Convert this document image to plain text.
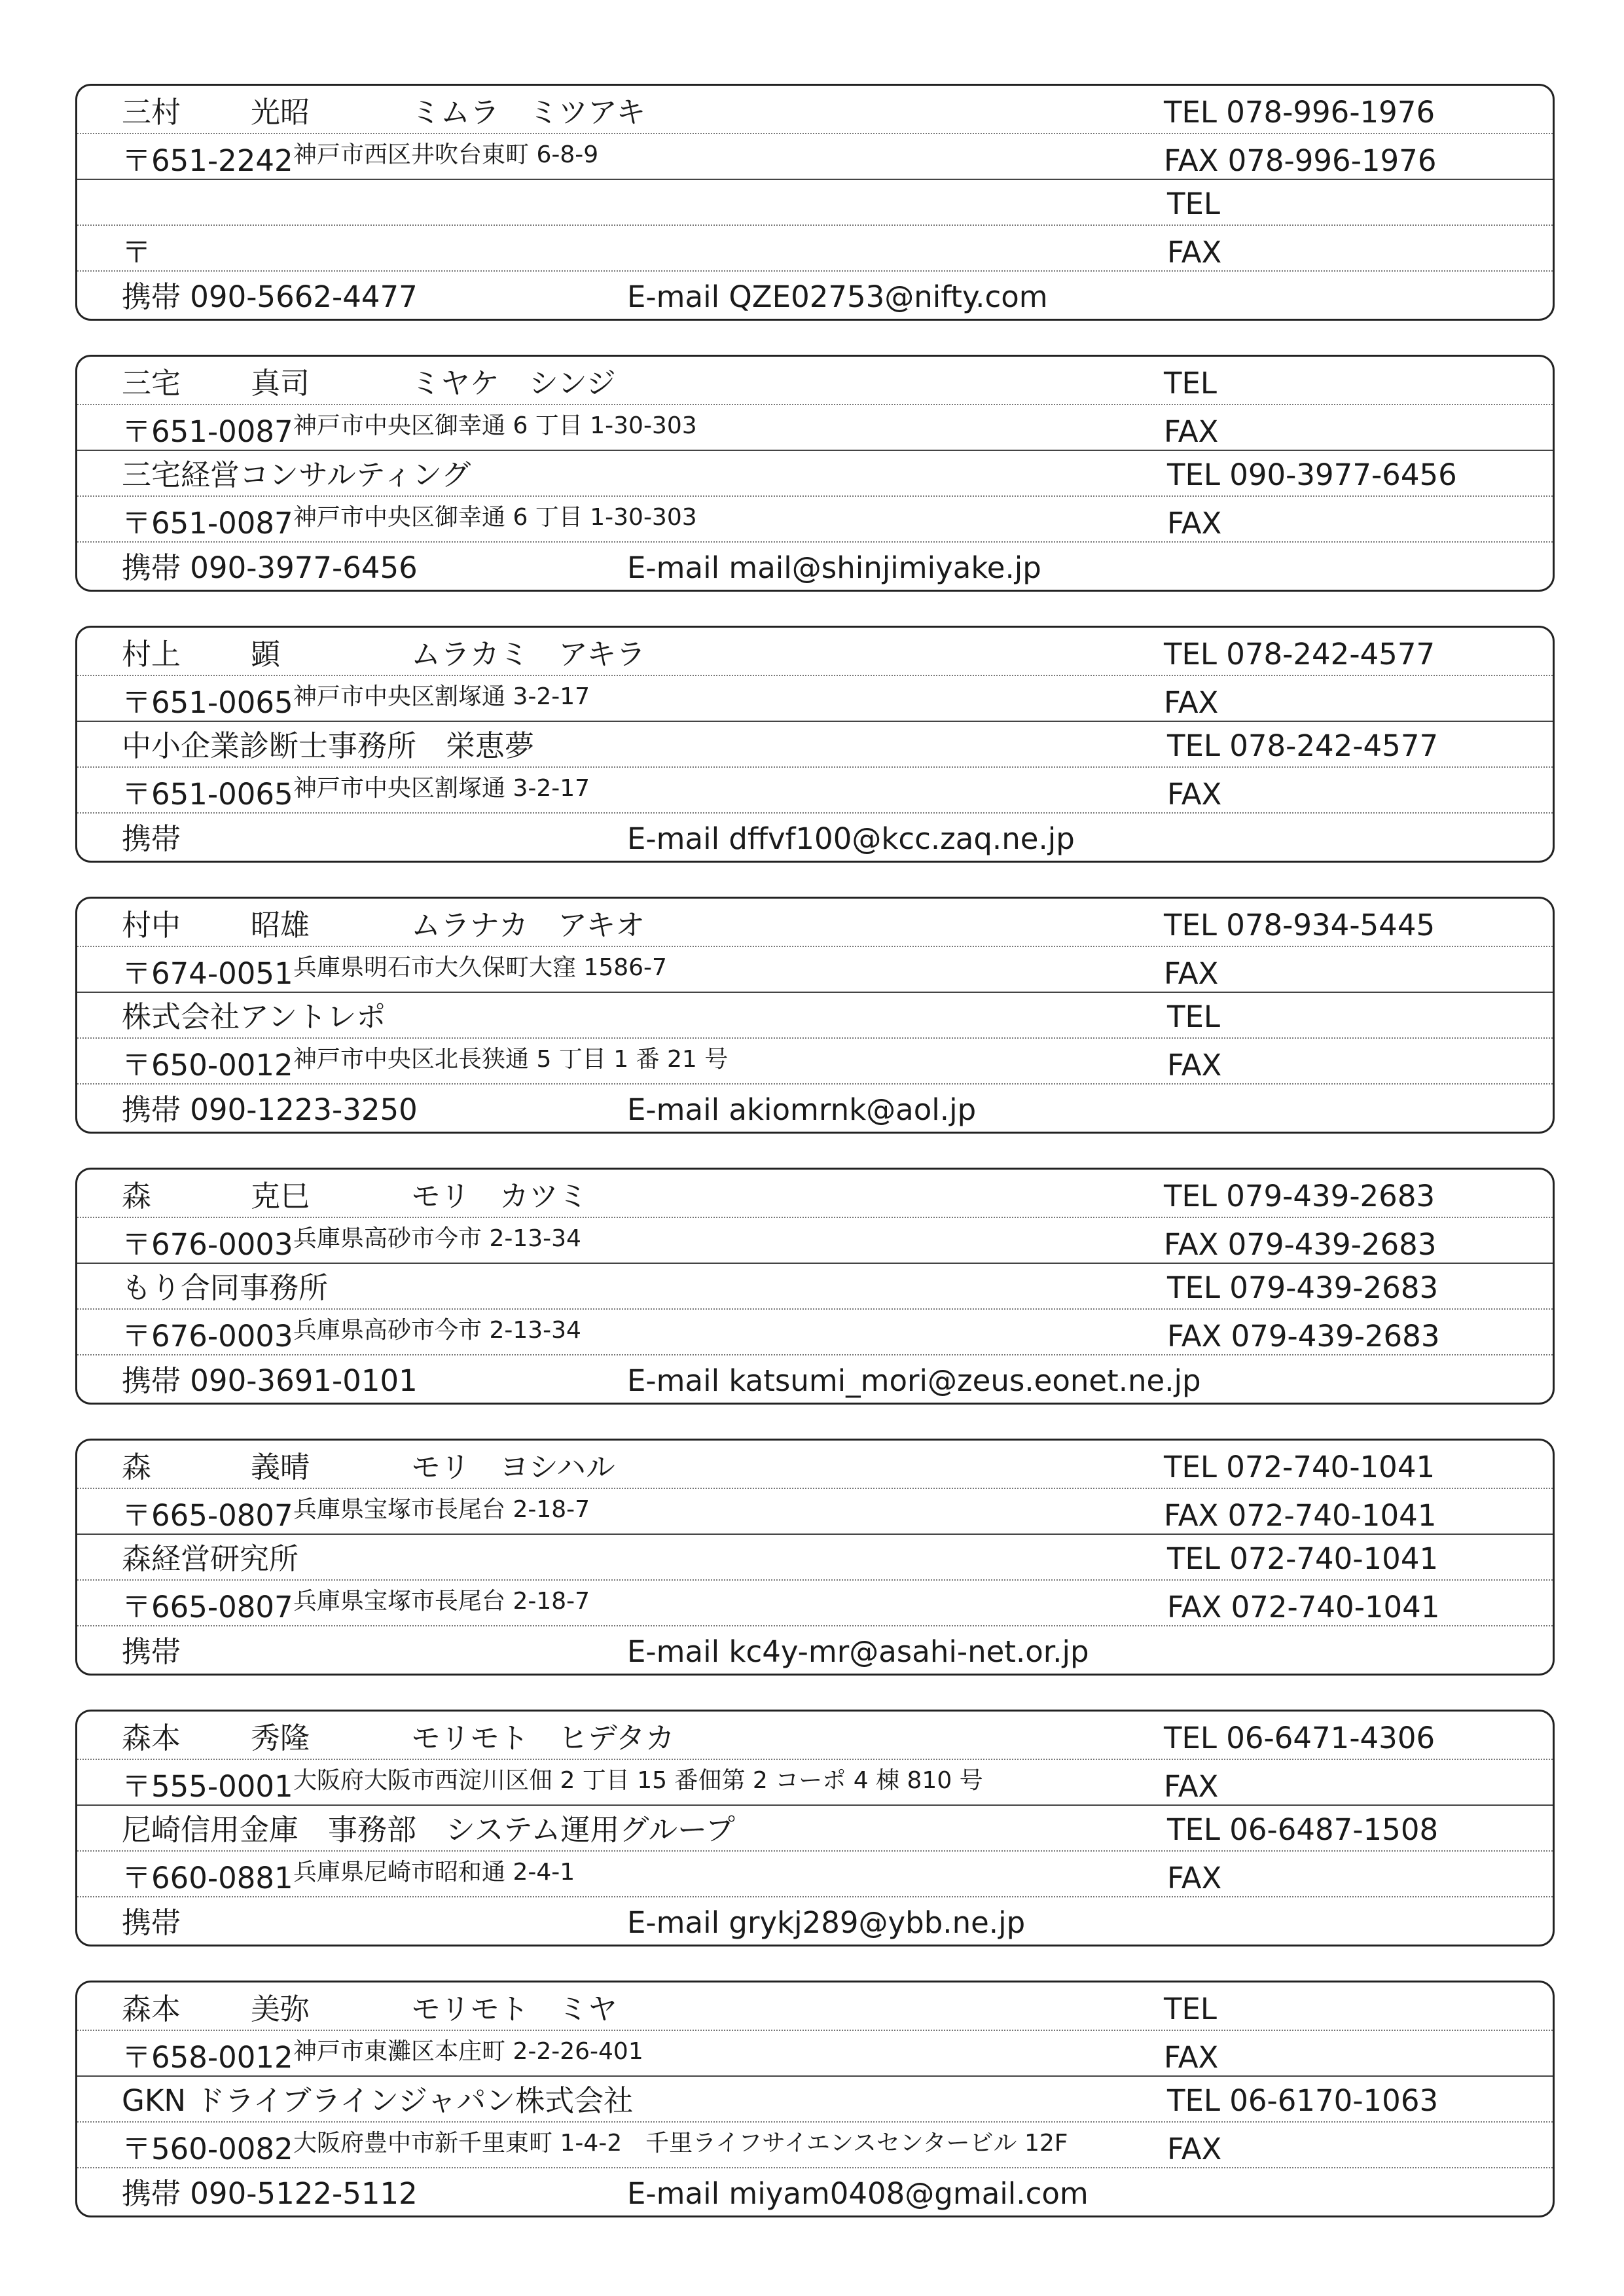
三村 光昭	ミムラ　ミツアキ	TEL 078-996-1976
〒651-2242 神戸市西区井吹台東町 6-8-9	FAX 078-996-1976
TEL
〒	FAX
携帯 090-5662-4477	E-mail QZE02753@nifty.com
三宅 真司	ミヤケ　シンジ	TEL
〒651-0087 神戸市中央区御幸通 6 丁目 1-30-303	FAX
三宅経営コンサルティング	TEL 090-3977-6456
〒651-0087 神戸市中央区御幸通 6 丁目 1-30-303	FAX
携帯 090-3977-6456	E-mail mail@shinjimiyake.jp
村上 顕	ムラカミ　アキラ	TEL 078-242-4577
〒651-0065 神戸市中央区割塚通 3-2-17	FAX
中小企業診断士事務所　栄恵夢	TEL 078-242-4577
〒651-0065 神戸市中央区割塚通 3-2-17	FAX
携帯	E-mail dffvf100@kcc.zaq.ne.jp
村中 昭雄	ムラナカ　アキオ	TEL 078-934-5445
〒674-0051 兵庫県明石市大久保町大窪 1586-7	FAX
株式会社アントレポ	TEL
〒650-0012 神戸市中央区北長狭通 5 丁目 1 番 21 号	FAX
携帯 090-1223-3250	E-mail akiomrnk@aol.jp
森	克巳	モリ　カツミ	TEL 079-439-2683
〒676-0003 兵庫県高砂市今市 2-13-34	FAX 079-439-2683
もり合同事務所	TEL 079-439-2683
〒676-0003 兵庫県高砂市今市 2-13-34	FAX 079-439-2683
携帯 090-3691-0101	E-mail katsumi_mori@zeus.eonet.ne.jp
森	義晴	モリ　ヨシハル	TEL 072-740-1041
〒665-0807 兵庫県宝塚市長尾台 2-18-7	FAX 072-740-1041
森経営研究所	TEL 072-740-1041
〒665-0807 兵庫県宝塚市長尾台 2-18-7	FAX 072-740-1041
携帯	E-mail kc4y-mr@asahi-net.or.jp
森本 秀隆	モリモト　ヒデタカ	TEL 06-6471-4306
〒555-0001 大阪府大阪市西淀川区佃 2 丁目 15 番佃第 2 コーポ 4 棟 810 号	FAX
尼崎信用金庫　事務部　システム運用グループ	TEL 06-6487-1508
〒660-0881 兵庫県尼崎市昭和通 2-4-1	FAX
携帯	E-mail grykj289@ybb.ne.jp
森本 美弥	モリモト　ミヤ	TEL
〒658-0012 神戸市東灘区本庄町 2-2-26-401	FAX
GKN ドライブラインジャパン株式会社	TEL 06-6170-1063
〒560-0082 大阪府豊中市新千里東町 1-4-2　千里ライフサイエンスセンタービル 12F	FAX
携帯 090-5122-5112	E-mail miyam0408@gmail.com
